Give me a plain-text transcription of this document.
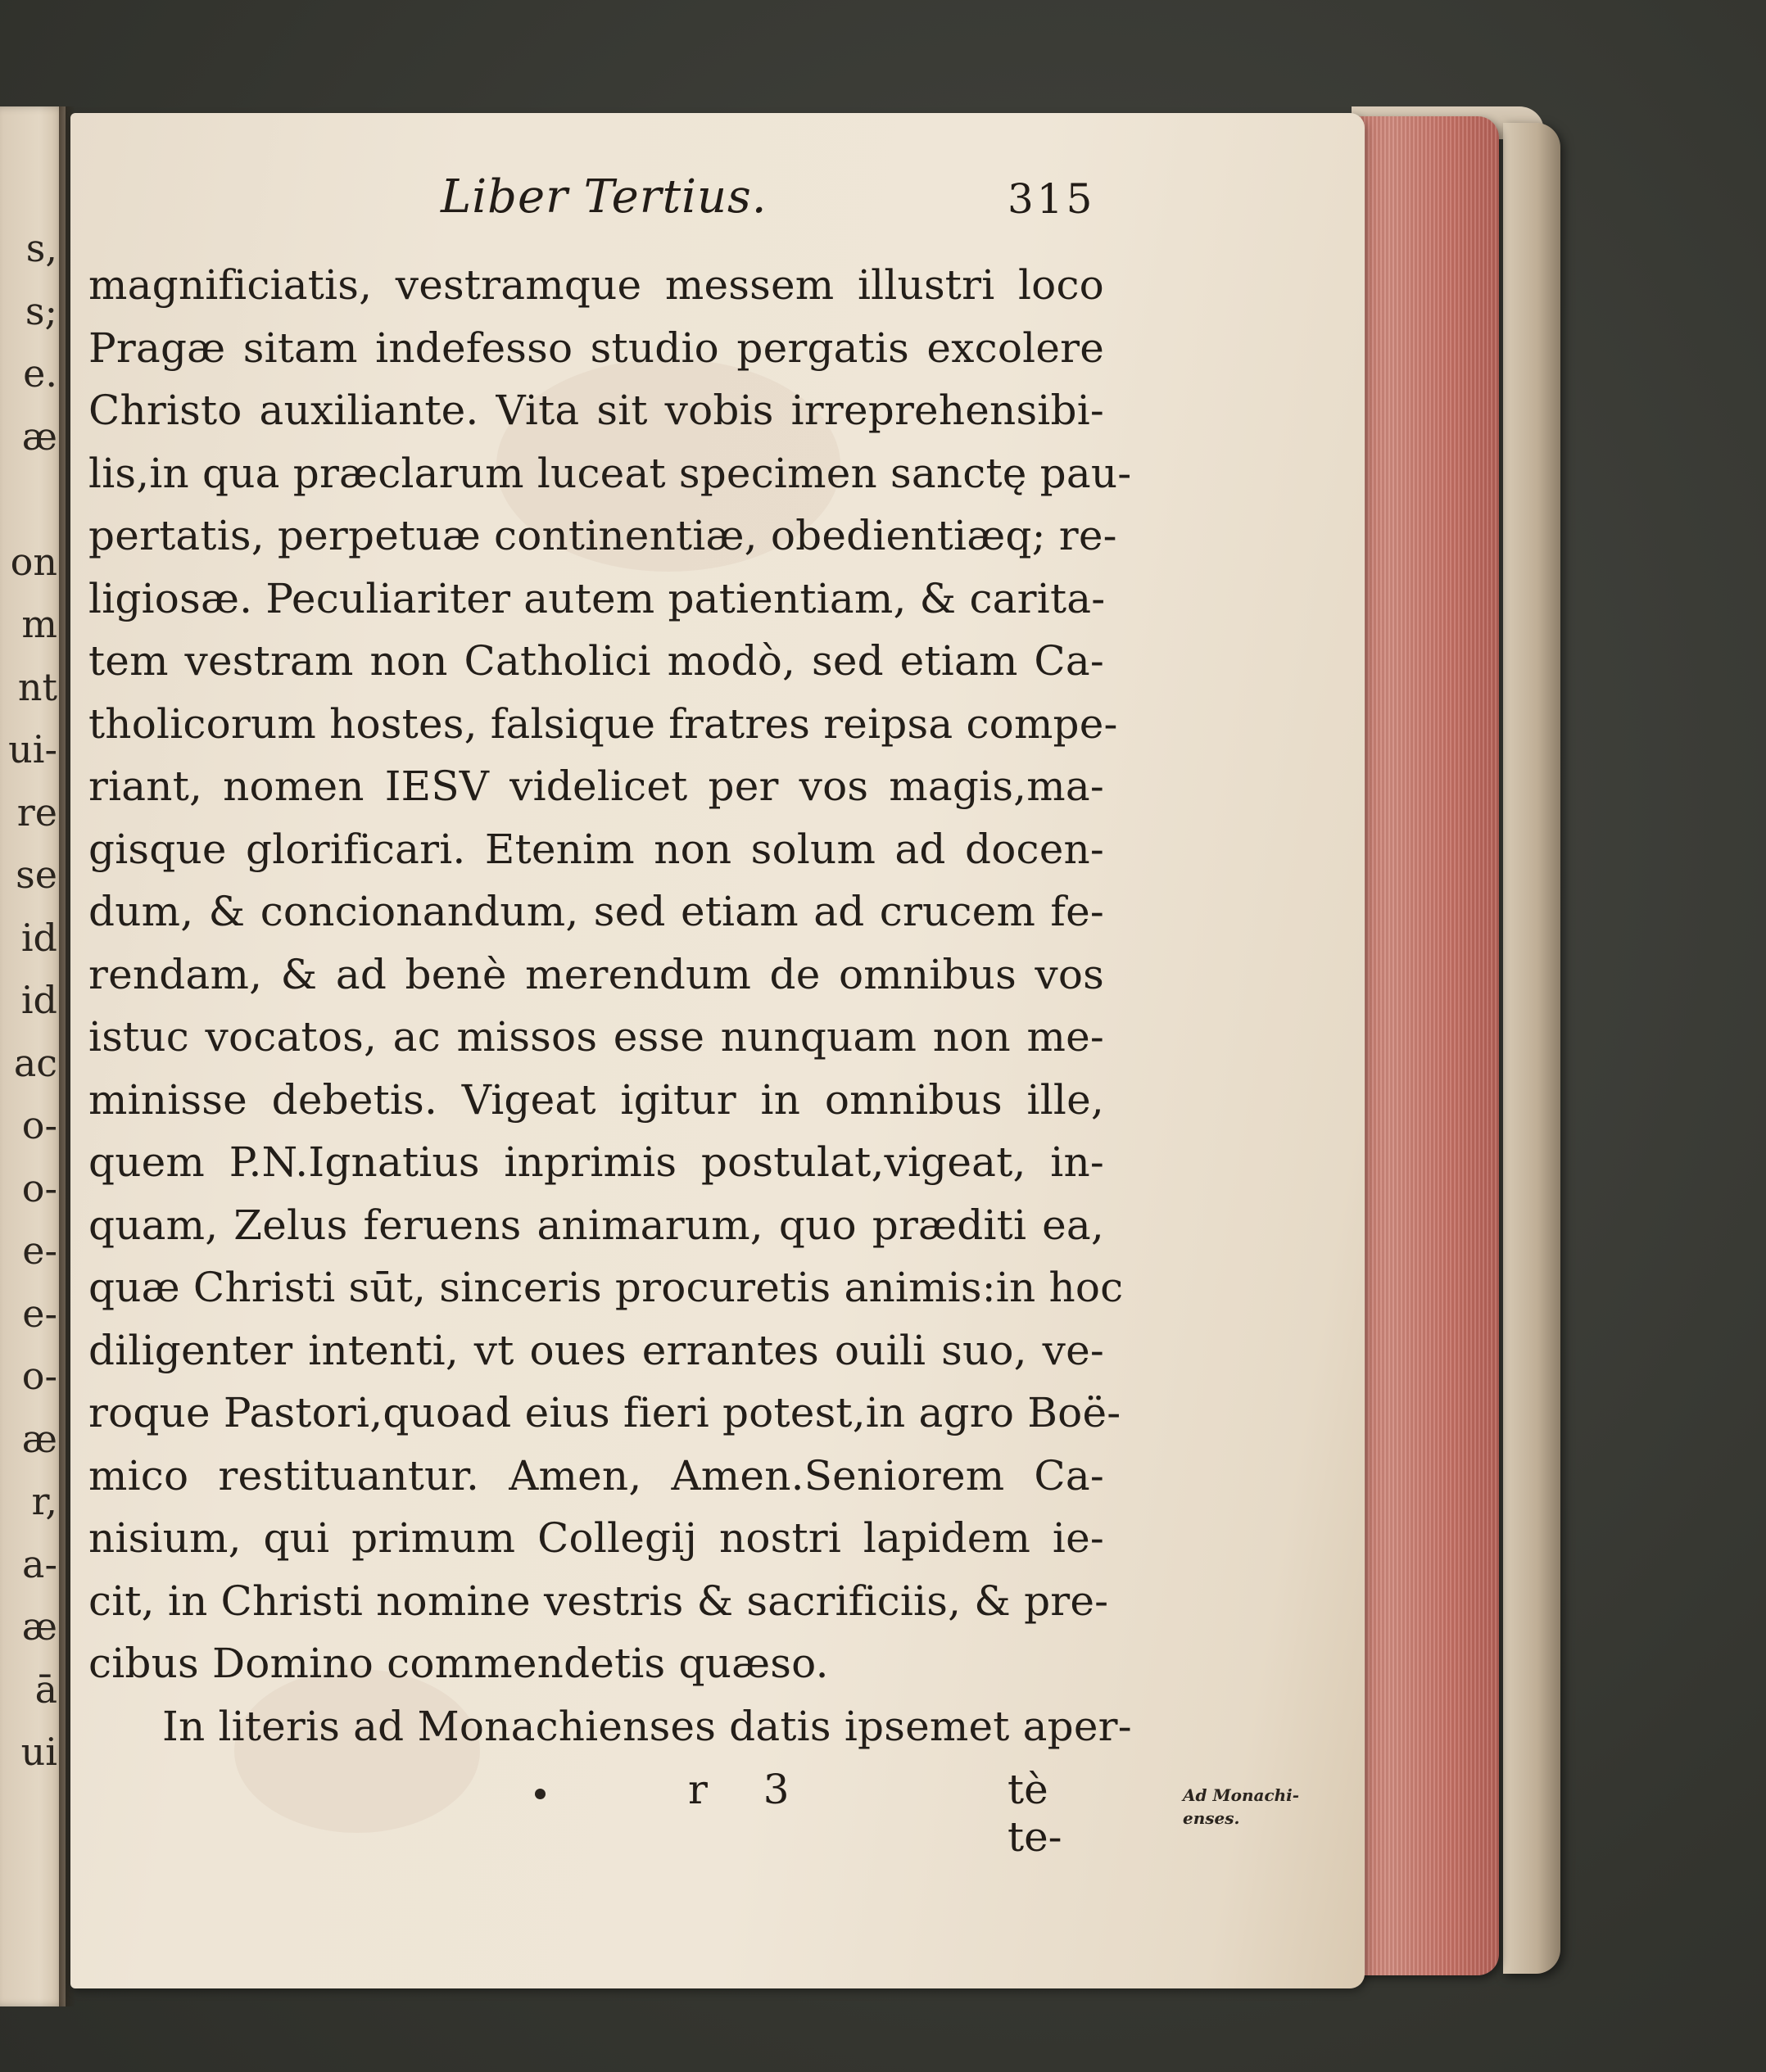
s,
s;
e.
æ
on
m
nt
ui-
re
se
id
id
ac
o-
o-
e-
e-
o-
æ
r,
a-
æ
ā
ui
Liber Tertius.	315
magnificiatis, vestramque messem illustri loco
Pragæ sitam indefesso studio pergatis excolere
Christo auxiliante. Vita sit vobis irreprehensibi-
lis,in qua præclarum luceat specimen sanctę pau-
pertatis, perpetuæ continentiæ, obedientiæq; re-
ligiosæ. Peculiariter autem patientiam, & carita-
tem vestram non Catholici modò, sed etiam Ca-
tholicorum hostes, falsique fratres reipsa compe-
riant, nomen IESV videlicet per vos magis,ma-
gisque glorificari. Etenim non solum ad docen-
dum, & concionandum, sed etiam ad crucem fe-
rendam, & ad benè merendum de omnibus vos
istuc vocatos, ac missos esse nunquam non me-
minisse debetis. Vigeat igitur in omnibus ille,
quem P.N.Ignatius inprimis postulat,vigeat, in-
quam, Zelus feruens animarum, quo præditi ea,
quæ Christi sūt, sinceris procuretis animis:in hoc
diligenter intenti, vt oues errantes ouili suo, ve-
roque Pastori,quoad eius fieri potest,in agro Boë-
mico restituantur. Amen, Amen.Seniorem Ca-
nisium, qui primum Collegij nostri lapidem ie-
cit, in Christi nomine vestris & sacrificiis, & pre-
cibus Domino commendetis quæso.
In literis ad Monachienses datis ipsemet aper-
r 3	tè te-
Ad Monachi-
enses.
